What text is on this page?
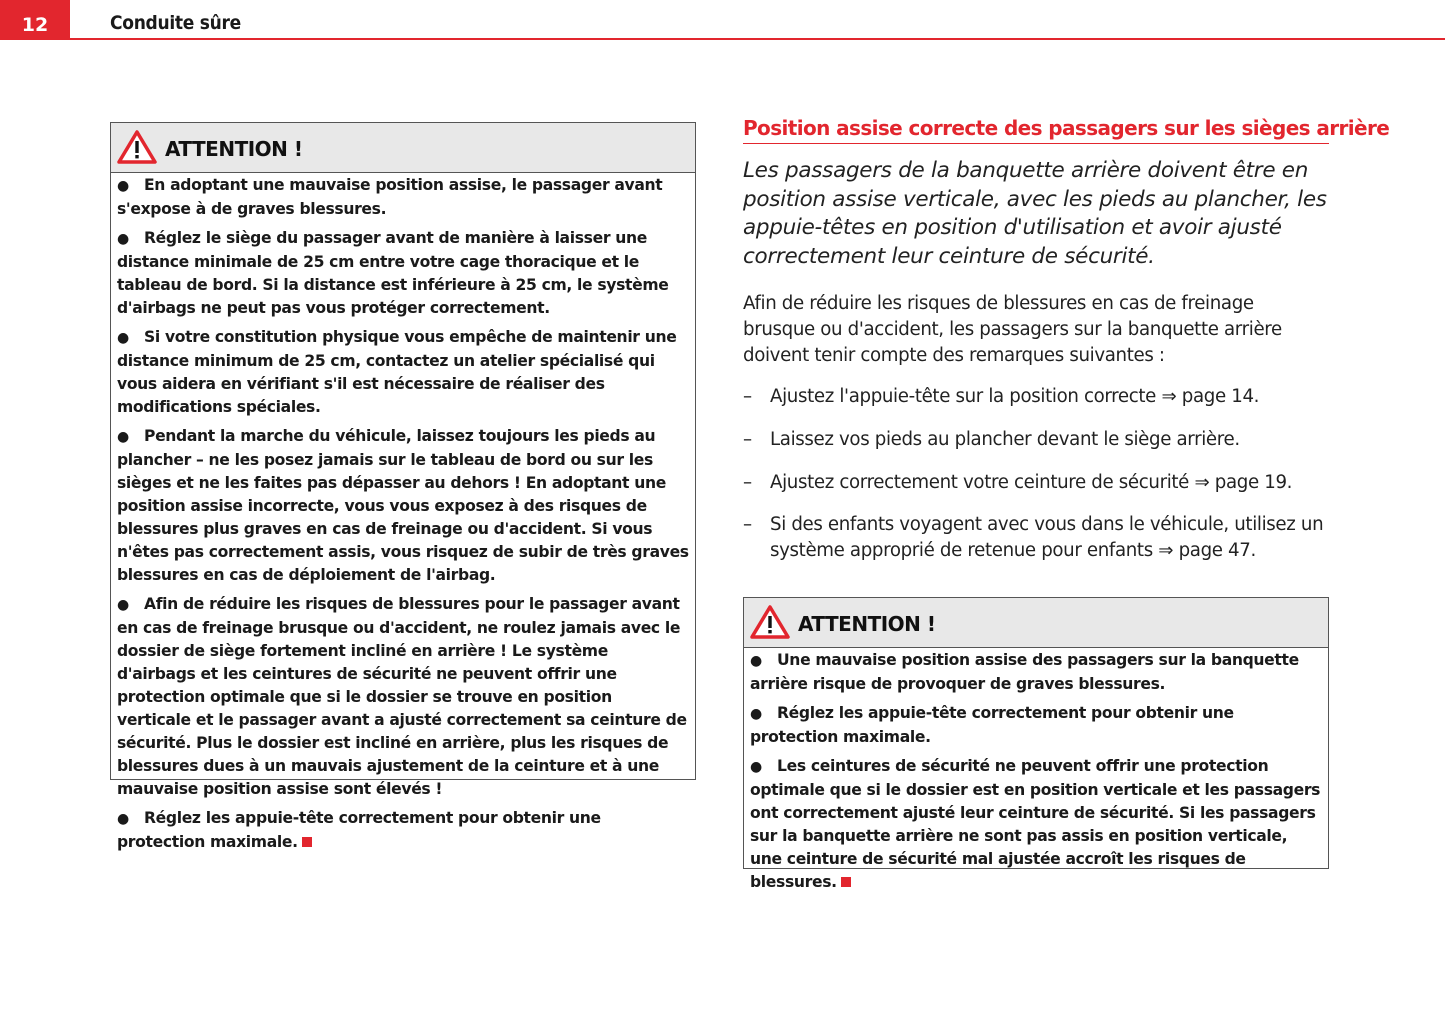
12	Conduite sûre
ATTENTION !
● En adoptant une mauvaise position assise, le passager avant s'expose à de graves blessures.
● Réglez le siège du passager avant de manière à laisser une distance minimale de 25 cm entre votre cage thoracique et le tableau de bord. Si la distance est inférieure à 25 cm, le système d'airbags ne peut pas vous protéger correctement.
● Si votre constitution physique vous empêche de maintenir une distance minimum de 25 cm, contactez un atelier spécialisé qui vous aidera en vérifiant s'il est nécessaire de réaliser des modifications spéciales.
● Pendant la marche du véhicule, laissez toujours les pieds au plancher – ne les posez jamais sur le tableau de bord ou sur les sièges et ne les faites pas dépasser au dehors ! En adoptant une position assise incorrecte, vous vous exposez à des risques de blessures plus graves en cas de freinage ou d'accident. Si vous n'êtes pas correctement assis, vous risquez de subir de très graves blessures en cas de déploiement de l'airbag.
● Afin de réduire les risques de blessures pour le passager avant en cas de freinage brusque ou d'accident, ne roulez jamais avec le dossier de siège fortement incliné en arrière ! Le système d'airbags et les ceintures de sécurité ne peuvent offrir une protection optimale que si le dossier se trouve en position verticale et le passager avant a ajusté correctement sa ceinture de sécurité. Plus le dossier est incliné en arrière, plus les risques de blessures dues à un mauvais ajustement de la ceinture et à une mauvaise position assise sont élevés !
● Réglez les appuie-tête correctement pour obtenir une protection maximale.
Position assise correcte des passagers sur les sièges arrière
Les passagers de la banquette arrière doivent être en position assise verticale, avec les pieds au plancher, les appuie-têtes en position d'utilisation et avoir ajusté correctement leur ceinture de sécurité.
Afin de réduire les risques de blessures en cas de freinage brusque ou d'accident, les passagers sur la banquette arrière doivent tenir compte des remarques suivantes :
–	Ajustez l'appuie-tête sur la position correcte ⇒ page 14.
–	Laissez vos pieds au plancher devant le siège arrière.
–	Ajustez correctement votre ceinture de sécurité ⇒ page 19.
–	Si des enfants voyagent avec vous dans le véhicule, utilisez un système approprié de retenue pour enfants ⇒ page 47.
ATTENTION !
● Une mauvaise position assise des passagers sur la banquette arrière risque de provoquer de graves blessures.
● Réglez les appuie-tête correctement pour obtenir une protection maximale.
● Les ceintures de sécurité ne peuvent offrir une protection optimale que si le dossier est en position verticale et les passagers ont correctement ajusté leur ceinture de sécurité. Si les passagers sur la banquette arrière ne sont pas assis en position verticale, une ceinture de sécurité mal ajustée accroît les risques de blessures.
